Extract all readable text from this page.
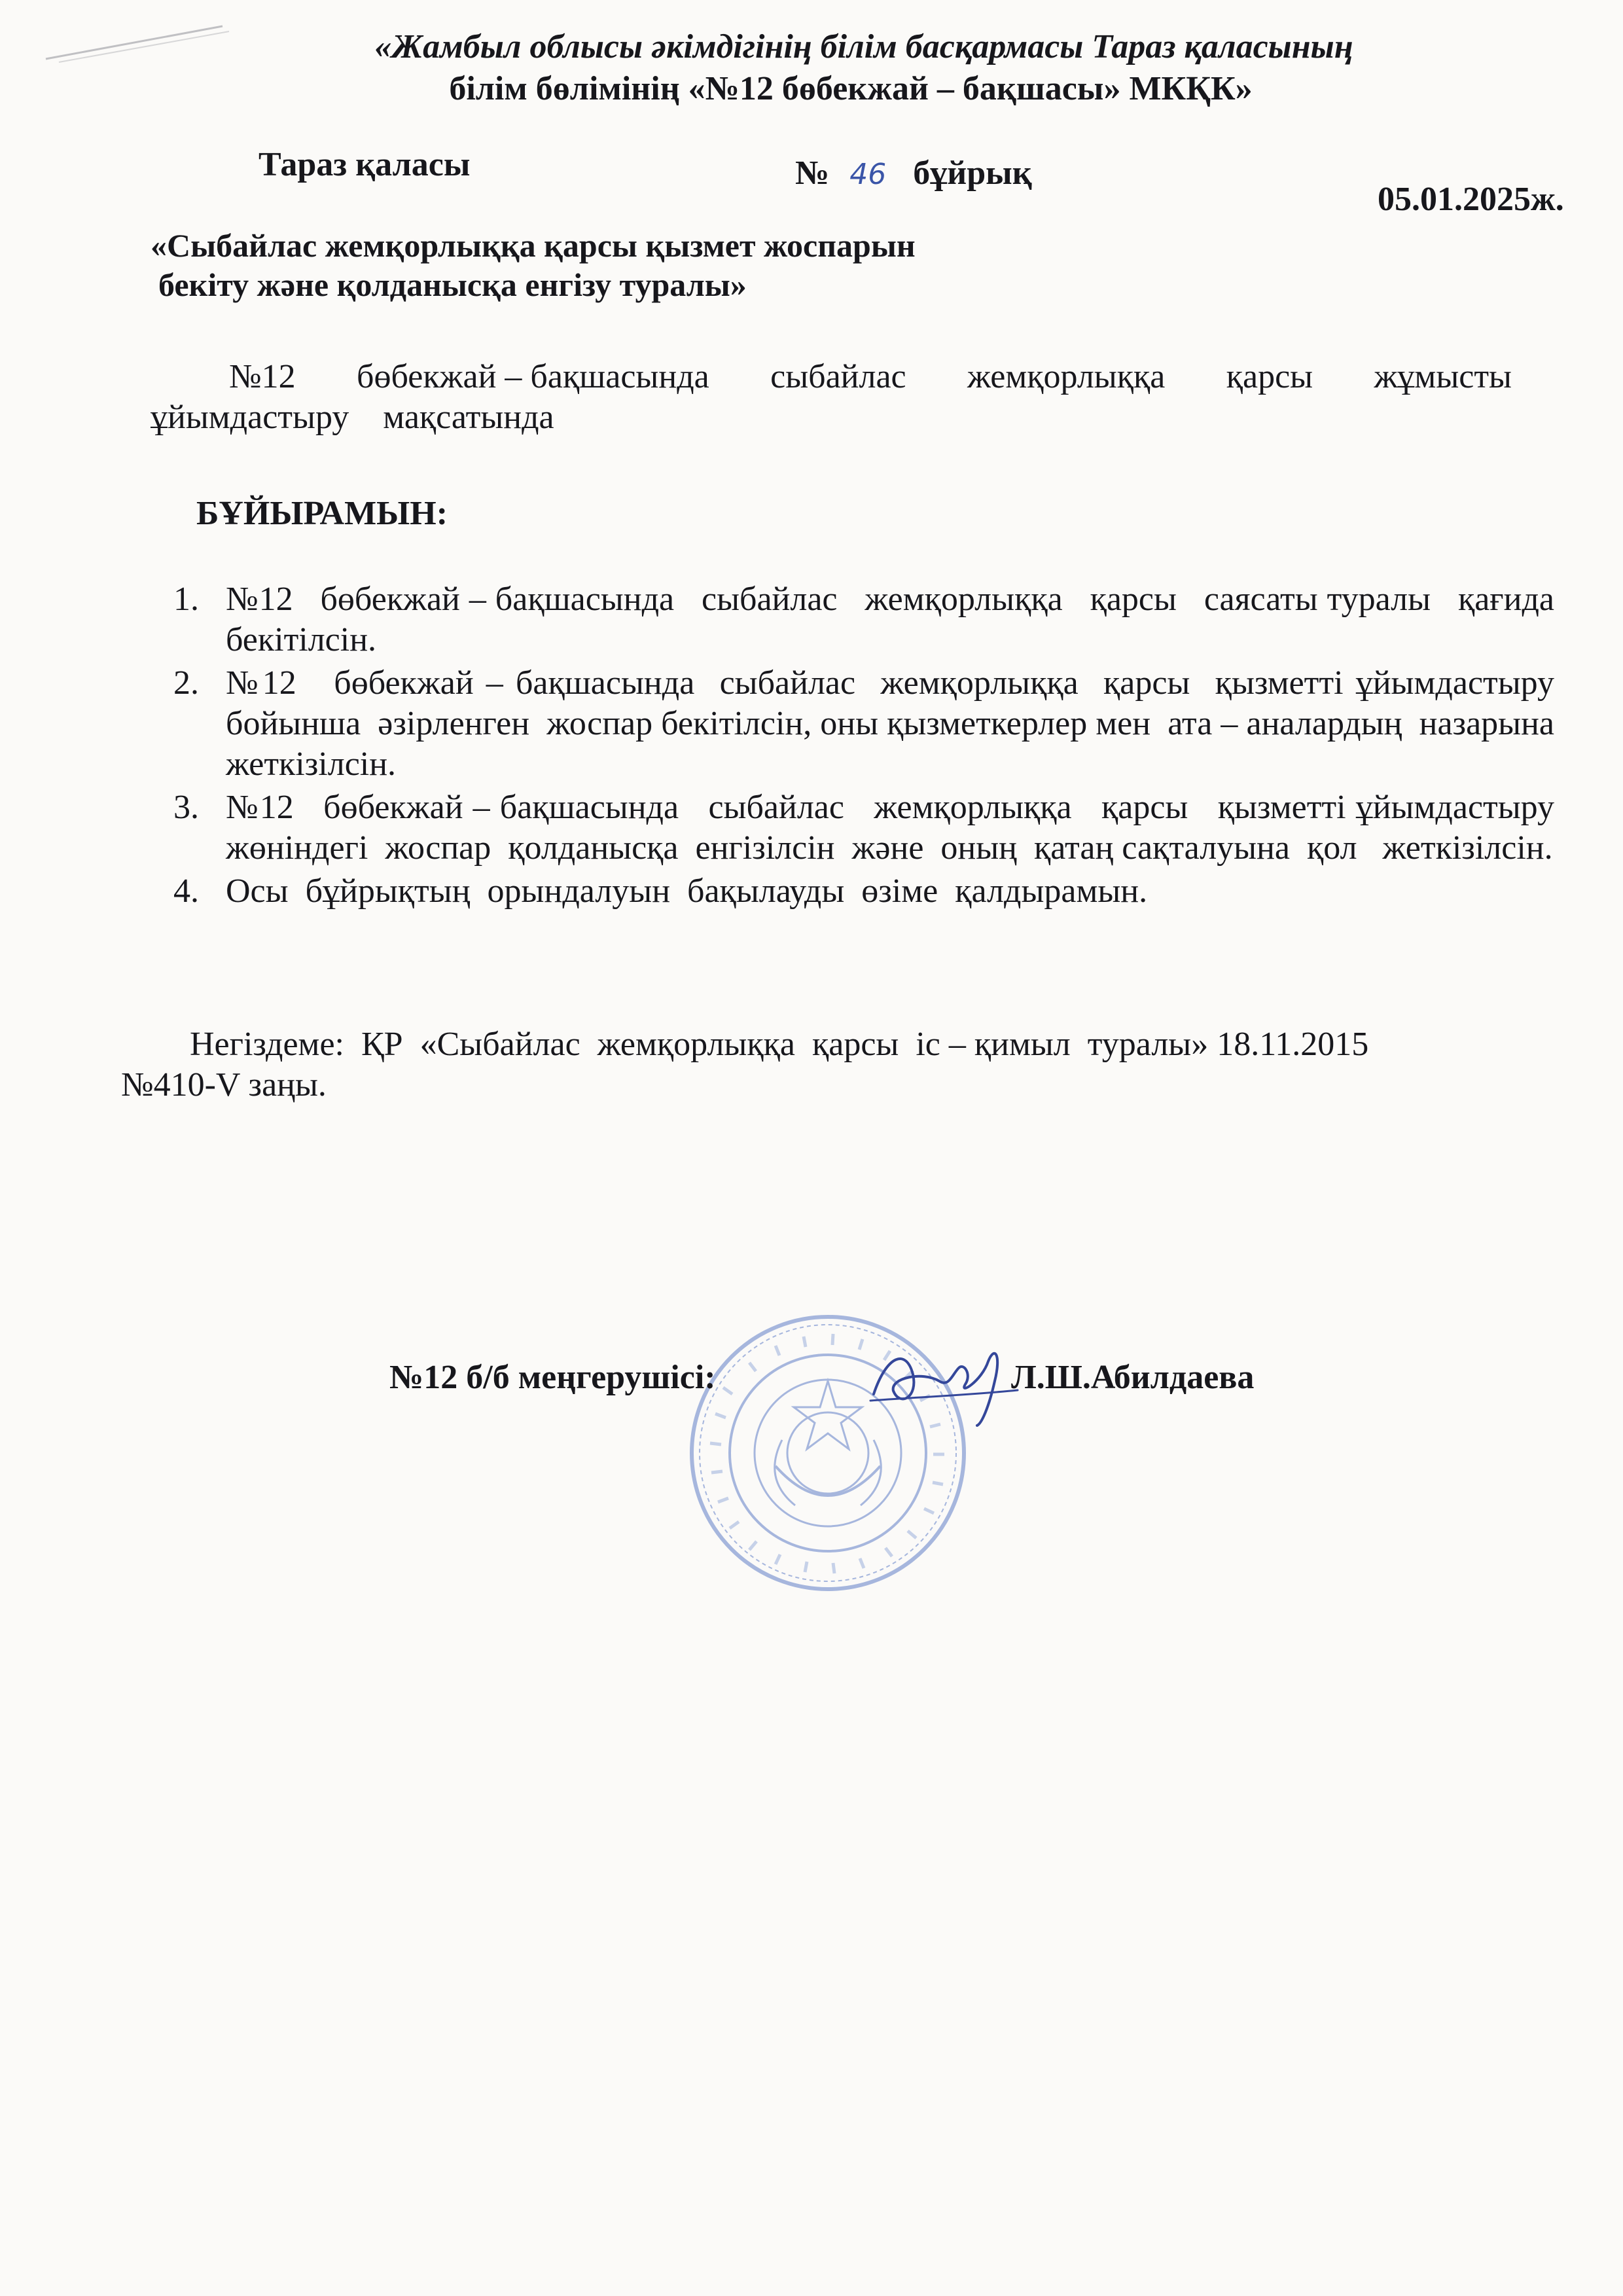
«Жамбыл облысы әкімдігінің білім басқармасы Тараз қаласының
білім бөлімінің «№12 бөбекжай – бақшасы» МКҚК»
Тараз қаласы	№ 46 бұйрық
05.01.2025ж.
«Сыбайлас жемқорлыққа қарсы қызмет жоспарын
бекіту және қолданысқа енгізу туралы»
№12 бөбекжай – бақшасында сыбайлас жемқорлыққа қарсы жұмысты
ұйымдастыру    мақсатында
БҰЙЫРАМЫН:
1. №12   бөбекжай – бақшасында   сыбайлас   жемқорлыққа   қарсы   саясаты туралы   қағида   бекітілсін.
2. №12   бөбекжай – бақшасында  сыбайлас  жемқорлыққа  қарсы  қызметті ұйымдастыру  бойынша  әзірленген  жоспар бекітілсін, оны қызметкерлер мен  ата – аналардың  назарына  жеткізілсін.
3. №12   бөбекжай – бақшасында   сыбайлас   жемқорлыққа   қарсы   қызметті ұйымдастыру  жөніндегі  жоспар  қолданысқа  енгізілсін  және  оның  қатаң сақталуына  қол   жеткізілсін.
4. Осы  бұйрықтың  орындалуын  бақылауды  өзіме  қалдырамын.
Негіздеме:  ҚР  «Сыбайлас  жемқорлыққа  қарсы  іс – қимыл  туралы» 18.11.2015
№410-V заңы.
№12 б/б меңгерушісі:	Л.Ш.Абилдаева
